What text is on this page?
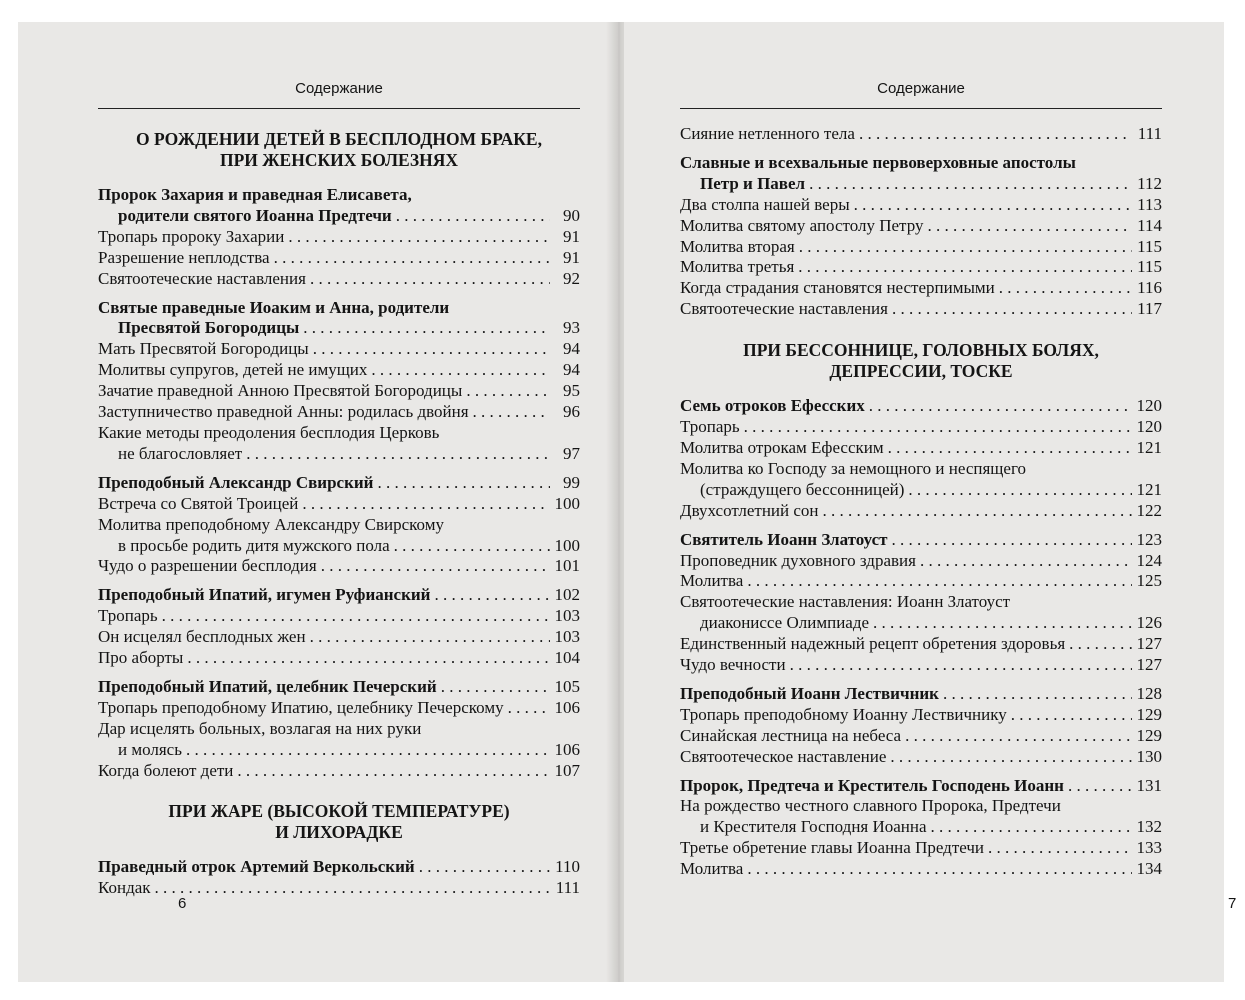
Содержание
О РОЖДЕНИИ ДЕТЕЙ В БЕСПЛОДНОМ БРАКЕ,
ПРИ ЖЕНСКИХ БОЛЕЗНЯХ
Пророк Захария и праведная Елисавета,
родители святого Иоанна Предтечи . . .	90
Тропарь пророку Захарии . . .	91
Разрешение неплодства . . .	91
Святоотеческие наставления . . .	92
Святые праведные Иоаким и Анна, родители
Пресвятой Богородицы . . .	93
Мать Пресвятой Богородицы . . .	94
Молитвы супругов, детей не имущих . . .	94
Зачатие праведной Анною Пресвятой Богородицы . . .	95
Заступничество праведной Анны: родилась двойня . . .	96
Какие методы преодоления бесплодия Церковь
не благословляет . . .	97
Преподобный Александр Свирский . . .	99
Встреча со Святой Троицей . . .	100
Молитва преподобному Александру Свирскому
в просьбе родить дитя мужского пола . . .	100
Чудо о разрешении бесплодия . . .	101
Преподобный Ипатий, игумен Руфианский . . .	102
Тропарь . . .	103
Он исцелял бесплодных жен . . .	103
Про аборты . . .	104
Преподобный Ипатий, целебник Печерский . . .	105
Тропарь преподобному Ипатию, целебнику Печерскому . . .	106
Дар исцелять больных, возлагая на них руки
и молясь . . .	106
Когда болеют дети . . .	107
ПРИ ЖАРЕ (ВЫСОКОЙ ТЕМПЕРАТУРЕ)
И ЛИХОРАДКЕ
Праведный отрок Артемий Веркольский . . .	110
Кондак . . .	111
6
Содержание
Сияние нетленного тела . . .	111
Славные и всехвальные первоверховные апостолы
Петр и Павел . . .	112
Два столпа нашей веры . . .	113
Молитва святому апостолу Петру . . .	114
Молитва вторая . . .	115
Молитва третья . . .	115
Когда страдания становятся нестерпимыми . . .	116
Святоотеческие наставления . . .	117
ПРИ БЕССОННИЦЕ, ГОЛОВНЫХ БОЛЯХ,
ДЕПРЕССИИ, ТОСКЕ
Семь отроков Ефесских . . .	120
Тропарь . . .	120
Молитва отрокам Ефесским . . .	121
Молитва ко Господу за немощного и неспящего
(страждущего бессонницей) . . .	121
Двухсотлетний сон . . .	122
Святитель Иоанн Златоуст . . .	123
Проповедник духовного здравия . . .	124
Молитва . . .	125
Святоотеческие наставления: Иоанн Златоуст
диакониссе Олимпиаде . . .	126
Единственный надежный рецепт обретения здоровья . . .	127
Чудо вечности . . .	127
Преподобный Иоанн Лествичник . . .	128
Тропарь преподобному Иоанну Лествичнику . . .	129
Синайская лестница на небеса . . .	129
Святоотеческое наставление . . .	130
Пророк, Предтеча и Креститель Господень Иоанн . . .	131
На рождество честного славного Пророка, Предтечи
и Крестителя Господня Иоанна . . .	132
Третье обретение главы Иоанна Предтечи . . .	133
Молитва . . .	134
7
